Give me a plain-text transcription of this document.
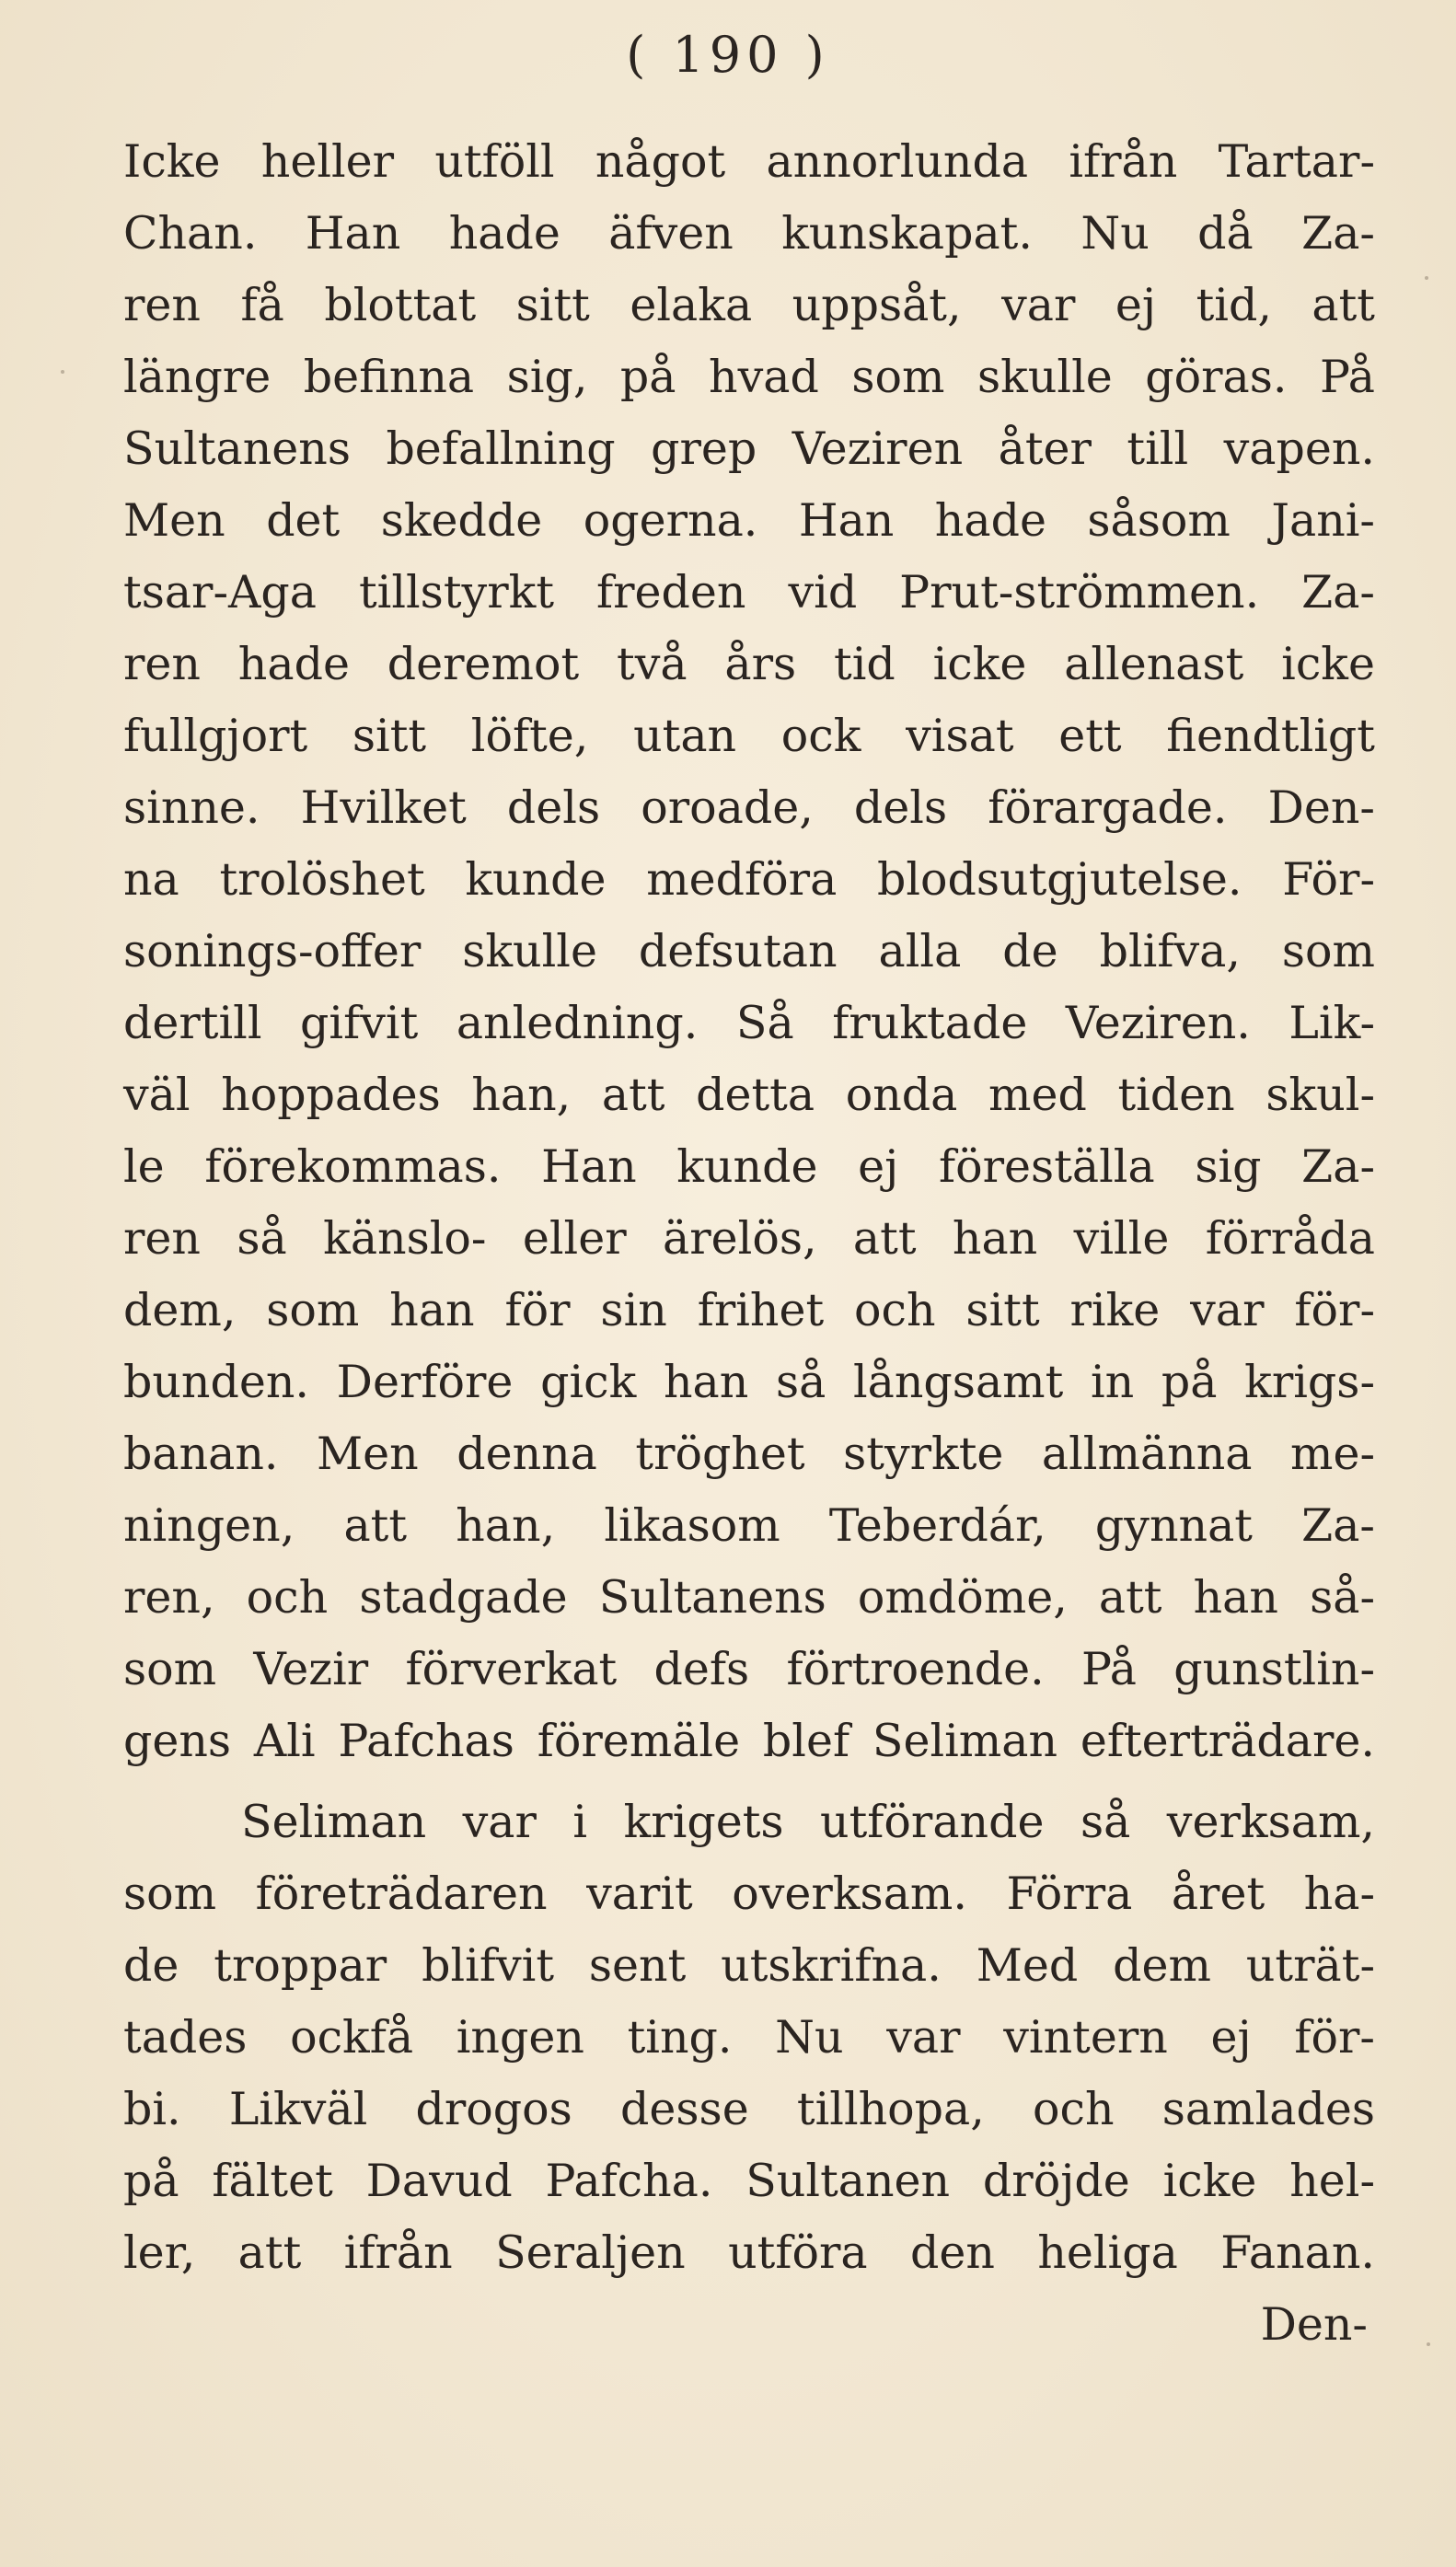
( 190 )
Icke heller utföll något annorlunda ifrån Tartar-
Chan. Han hade äfven kunskapat. Nu då Za-
ren få blottat sitt elaka uppsåt, var ej tid, att
längre befinna sig, på hvad som skulle göras. På
Sultanens befallning grep Veziren åter till vapen.
Men det skedde ogerna. Han hade såsom Jani-
tsar-Aga tillstyrkt freden vid Prut-strömmen. Za-
ren hade deremot två års tid icke allenast icke
fullgjort sitt löfte, utan ock visat ett fiendtligt
sinne. Hvilket dels oroade, dels förargade. Den-
na trolöshet kunde medföra blodsutgjutelse. För-
sonings-offer skulle defsutan alla de blifva, som
dertill gifvit anledning. Så fruktade Veziren. Lik-
väl hoppades han, att detta onda med tiden skul-
le förekommas. Han kunde ej föreställa sig Za-
ren så känslo- eller ärelös, att han ville förråda
dem, som han för sin frihet och sitt rike var för-
bunden. Derföre gick han så långsamt in på krigs-
banan. Men denna tröghet styrkte allmänna me-
ningen, att han, likasom Teberdár, gynnat Za-
ren, och stadgade Sultanens omdöme, att han så-
som Vezir förverkat defs förtroende. På gunstlin-
gens Ali Pafchas föremäle blef Seliman efterträdare.
Seliman var i krigets utförande så verksam,
som företrädaren varit overksam. Förra året ha-
de troppar blifvit sent utskrifna. Med dem uträt-
tades ockfå ingen ting. Nu var vintern ej för-
bi. Likväl drogos desse tillhopa, och samlades
på fältet Davud Pafcha. Sultanen dröjde icke hel-
ler, att ifrån Seraljen utföra den heliga Fanan.
Den-
